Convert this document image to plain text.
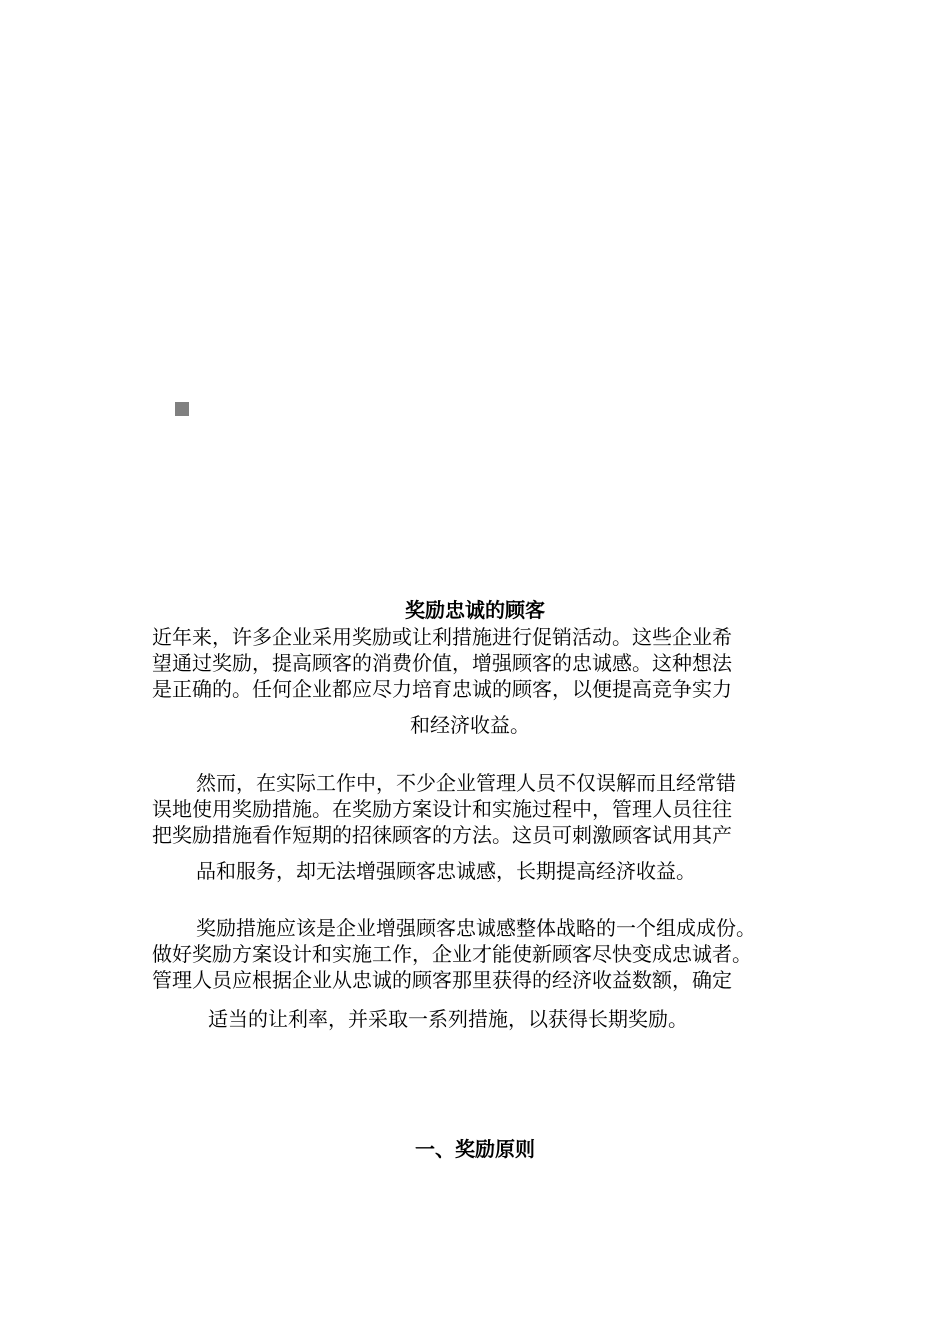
奖励忠诚的顾客
近年来，许多企业采用奖励或让利措施进行促销活动。这些企业希
望通过奖励，提高顾客的消费价值，增强顾客的忠诚感。这种想法
是正确的。任何企业都应尽力培育忠诚的顾客，以便提高竞争实力
和经济收益。
然而，在实际工作中，不少企业管理人员不仅误解而且经常错
误地使用奖励措施。在奖励方案设计和实施过程中，管理人员往往
把奖励措施看作短期的招徕顾客的方法。这员可刺激顾客试用其产
品和服务，却无法增强顾客忠诚感，长期提高经济收益。
奖励措施应该是企业增强顾客忠诚感整体战略的一个组成成份。
做好奖励方案设计和实施工作，企业才能使新顾客尽快变成忠诚者。
管理人员应根据企业从忠诚的顾客那里获得的经济收益数额，确定
适当的让利率，并采取一系列措施，以获得长期奖励。
一、奖励原则
